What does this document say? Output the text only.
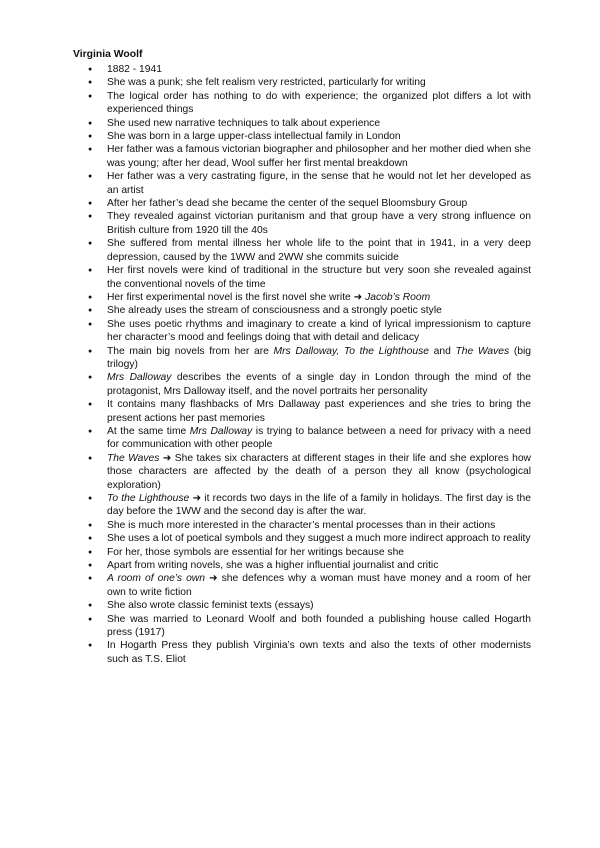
Virginia Woolf
● 1882 - 1941
● She was a punk; she felt realism very restricted, particularly for writing
● The logical order has nothing to do with experience; the organized plot differs a lot with experienced things
● She used new narrative techniques to talk about experience
● She was born in a large upper-class intellectual family in London
● Her father was a famous victorian biographer and philosopher and her mother died when she was young; after her dead, Wool suffer her first mental breakdown
● Her father was a very castrating figure, in the sense that he would not let her developed as an artist
● After her father’s dead she became the center of the sequel Bloomsbury Group
● They revealed against victorian puritanism and that group have a very strong influence on British culture from 1920 till the 40s
● She suffered from mental illness her whole life to the point that in 1941, in a very deep depression, caused by the 1WW and 2WW she commits suicide
● Her first novels were kind of traditional in the structure but very soon she revealed against the conventional novels of the time
● Her first experimental novel is the first novel she write ➜ Jacob’s Room
● She already uses the stream of consciousness and a strongly poetic style
● She uses poetic rhythms and imaginary to create a kind of lyrical impressionism to capture her character’s mood and feelings doing that with detail and delicacy
● The main big novels from her are Mrs Dalloway, To the Lighthouse and The Waves (big trilogy)
● Mrs Dalloway describes the events of a single day in London through the mind of the protagonist, Mrs Dalloway itself, and the novel portraits her personality
● It contains many flashbacks of Mrs Dallaway past experiences and she tries to bring the present actions her past memories
● At the same time Mrs Dalloway is trying to balance between a need for privacy with a need for communication with other people
● The Waves ➜ She takes six characters at different stages in their life and she explores how those characters are affected by the death of a person they all know (psychological exploration)
● To the Lighthouse ➜ it records two days in the life of a family in holidays. The first day is the day before the 1WW and the second day is after the war.
● She is much more interested in the character’s mental processes than in their actions
● She uses a lot of poetical symbols and they suggest a much more indirect approach to reality
● For her, those symbols are essential for her writings because she
● Apart from writing novels, she was a higher influential journalist and critic
● A room of one’s own ➜ she defences why a woman must have money and a room of her own to write fiction
● She also wrote classic feminist texts (essays)
● She was married to Leonard Woolf and both founded a publishing house called Hogarth press (1917)
● In Hogarth Press they publish Virginia’s own texts and also the texts of other modernists such as T.S. Eliot
